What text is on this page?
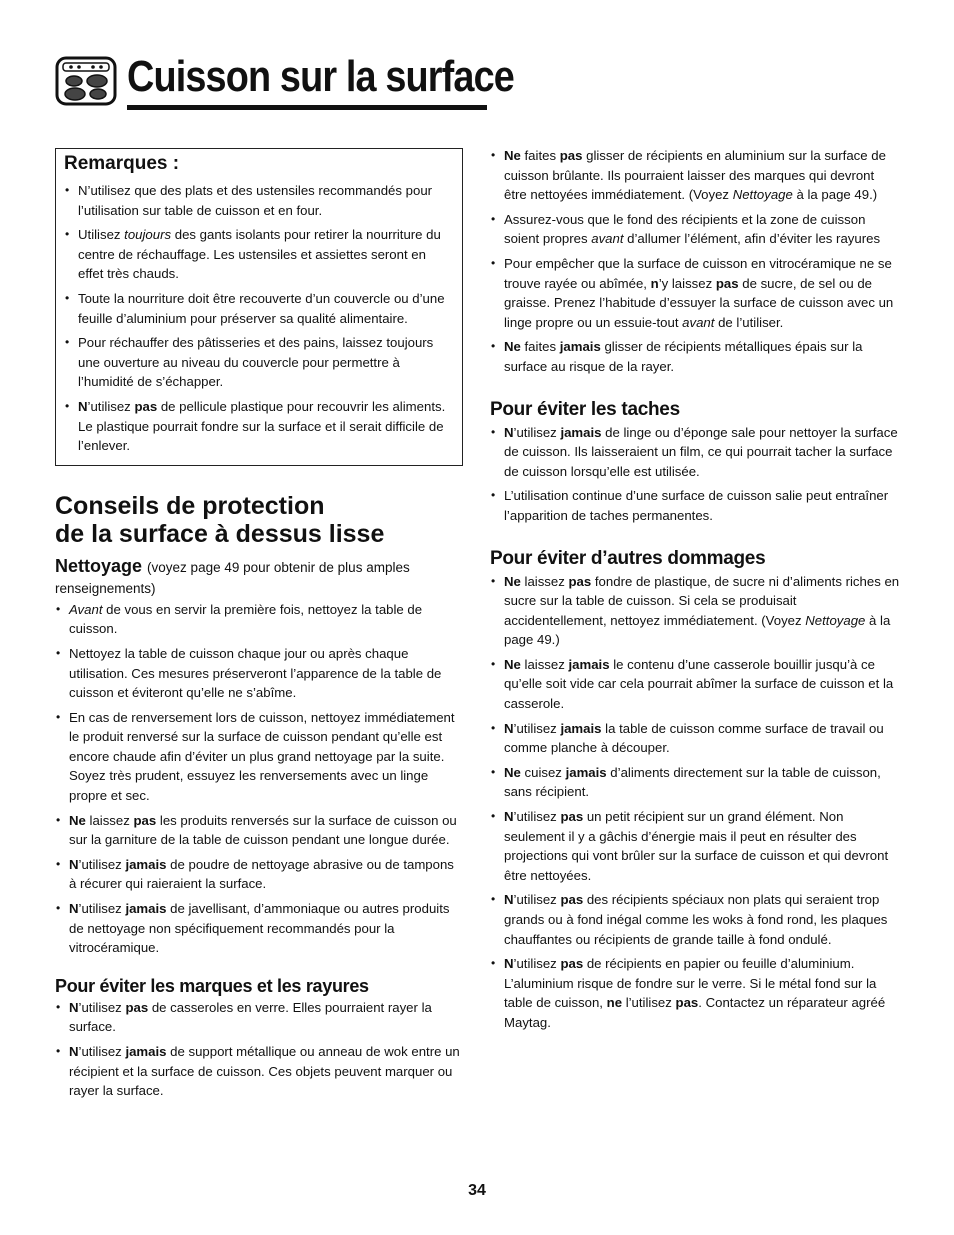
Cuisson sur la surface
Remarques :
• N’utilisez que des plats et des ustensiles recommandés pour l’utilisation sur table de cuisson et en four.
• Utilisez toujours des gants isolants pour retirer la nourriture du centre de réchauffage. Les ustensiles et assiettes seront en effet très chauds.
• Toute la nourriture doit être recouverte d’un couvercle ou d’une feuille d’aluminium pour préserver sa qualité alimentaire.
• Pour réchauffer des pâtisseries et des pains, laissez toujours une ouverture au niveau du couvercle pour permettre à l’humidité de s’échapper.
• N’utilisez pas de pellicule plastique pour recouvrir les aliments. Le plastique pourrait fondre sur la surface et il serait difficile de l’enlever.
Conseils de protection
de la surface à dessus lisse
Nettoyage (voyez page 49 pour obtenir de plus amples renseignements)
• Avant de vous en servir la première fois, nettoyez la table de cuisson.
• Nettoyez la table de cuisson chaque jour ou après chaque utilisation. Ces mesures préserveront l’apparence de la table de cuisson et éviteront qu’elle ne s’abîme.
• En cas de renversement lors de cuisson, nettoyez immédiatement le produit renversé sur la surface de cuisson pendant qu’elle est encore chaude afin d’éviter un plus grand nettoyage par la suite. Soyez très prudent, essuyez les renversements avec un linge propre et sec.
• Ne laissez pas les produits renversés sur la surface de cuisson ou sur la garniture de la table de cuisson pendant une longue durée.
• N’utilisez jamais de poudre de nettoyage abrasive ou de tampons à récurer qui raieraient la surface.
• N’utilisez jamais de javellisant, d’ammoniaque ou autres produits de nettoyage non spécifiquement recommandés pour la vitrocéramique.
Pour éviter les marques et les rayures
• N’utilisez pas de casseroles en verre. Elles pourraient rayer la surface.
• N’utilisez jamais de support métallique ou anneau de wok entre un récipient et la surface de cuisson. Ces objets peuvent marquer ou rayer la surface.
• Ne faites pas glisser de récipients en aluminium sur la surface de cuisson brûlante. Ils pourraient laisser des marques qui devront être nettoyées immédiatement. (Voyez Nettoyage à la page 49.)
• Assurez-vous que le fond des récipients et la zone de cuisson soient propres avant d’allumer l’élément, afin d’éviter les rayures
• Pour empêcher que la surface de cuisson en vitrocéramique ne se trouve rayée ou abîmée, n’y laissez pas de sucre, de sel ou de graisse. Prenez l’habitude d’essuyer la surface de cuisson avec un linge propre ou un essuie-tout avant de l’utiliser.
• Ne faites jamais glisser de récipients métalliques épais sur la surface au risque de la rayer.
Pour éviter les taches
• N’utilisez jamais de linge ou d’éponge sale pour nettoyer la surface de cuisson. Ils laisseraient un film, ce qui pourrait tacher la surface de cuisson lorsqu’elle est utilisée.
• L’utilisation continue d’une surface de cuisson salie peut entraîner l’apparition de taches permanentes.
Pour éviter d’autres dommages
• Ne laissez pas fondre de plastique, de sucre ni d’aliments riches en sucre sur la table de cuisson. Si cela se produisait accidentellement, nettoyez immédiatement. (Voyez Nettoyage à la page 49.)
• Ne laissez jamais le contenu d’une casserole bouillir jusqu’à ce qu’elle soit vide car cela pourrait abîmer la surface de cuisson et la casserole.
• N’utilisez jamais la table de cuisson comme surface de travail ou comme planche à découper.
• Ne cuisez jamais d’aliments directement sur la table de cuisson, sans récipient.
• N’utilisez pas un petit récipient sur un grand élément. Non seulement il y a gâchis d’énergie mais il peut en résulter des projections qui vont brûler sur la surface de cuisson et qui devront être nettoyées.
• N’utilisez pas des récipients spéciaux non plats qui seraient trop grands ou à fond inégal comme les woks à fond rond, les plaques chauffantes ou récipients de grande taille à fond ondulé.
• N’utilisez pas de récipients en papier ou feuille d’aluminium. L’aluminium risque de fondre sur le verre. Si le métal fond sur la table de cuisson, ne l’utilisez pas. Contactez un réparateur agréé Maytag.
34
